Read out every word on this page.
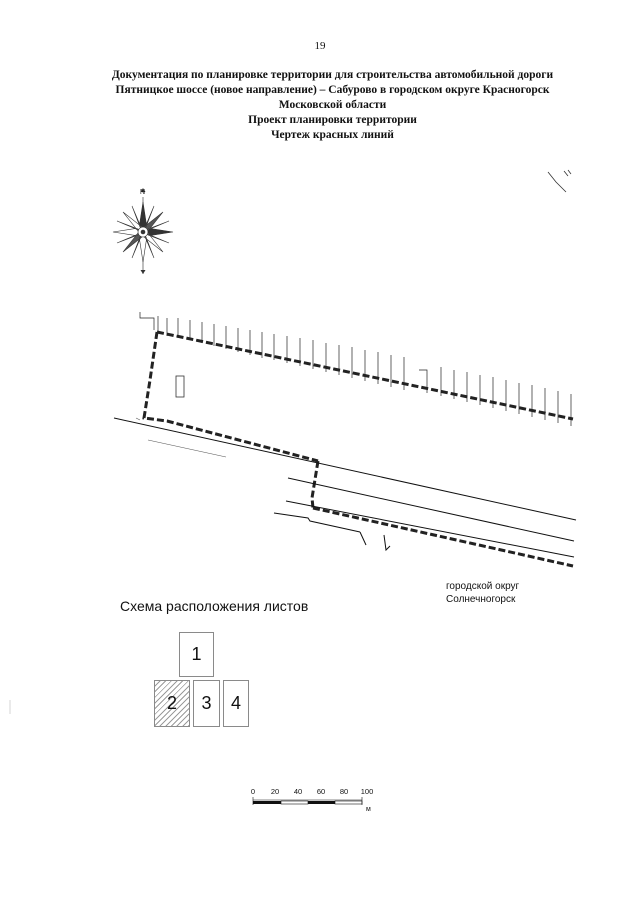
19
Документация по планировке территории для строительства автомобильной дороги
Пятницкое шоссе (новое направление) – Сабурово в городском округе Красногорск
Московской области
Проект планировки территории
Чертеж красных линий
N
городской округ
Солнечногорск
Схема расположения листов
1
2 3 4
0 20 40 60 80 100
м
